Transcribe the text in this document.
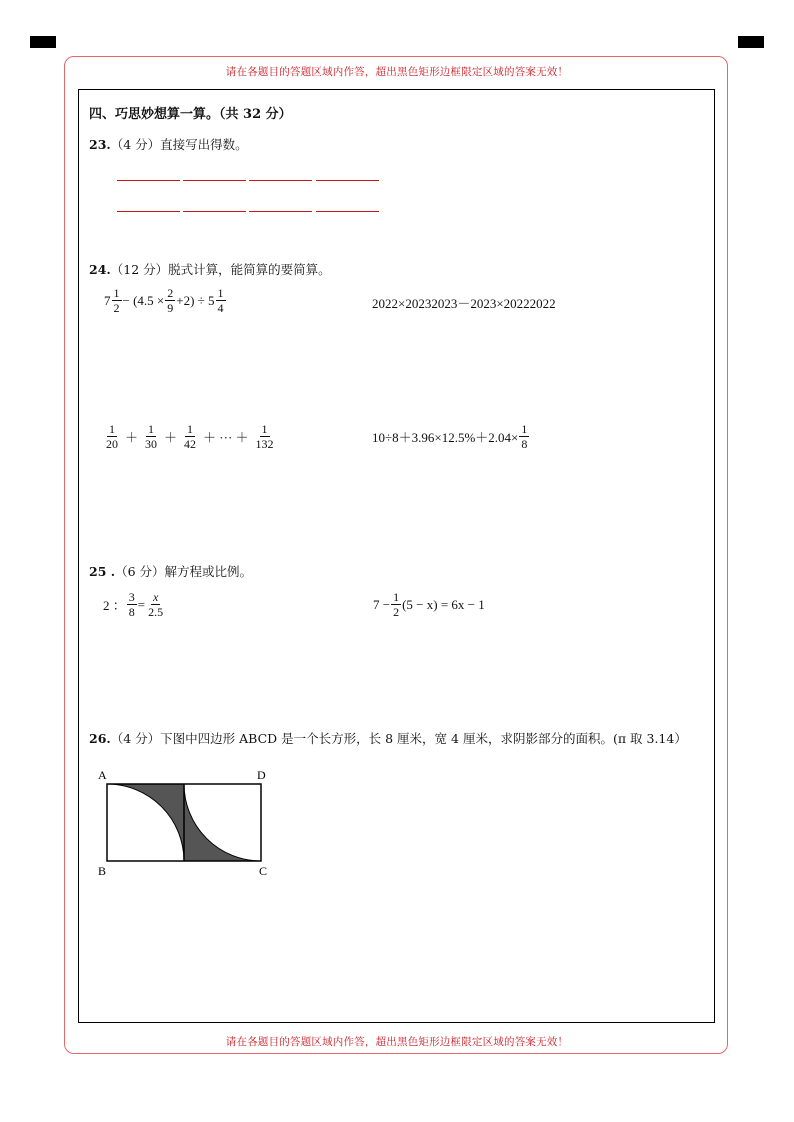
请在各题目的答题区域内作答，超出黑色矩形边框限定区域的答案无效！
请在各题目的答题区域内作答，超出黑色矩形边框限定区域的答案无效！
四、巧思妙想算一算。（共 32 分）
23.（4 分）直接写出得数。
24.（12 分）脱式计算，能简算的要简算。
$7 \frac{1}{2} - (4.5 \times \frac{2}{9} +2) \div 5 \frac{1}{4}$	2022×20232023－2023×20222022
$\frac{1}{20} + \frac{1}{30} + \frac{1}{42}$ ＋ ··· ＋ $\frac{1}{132}$	$10\div 8+3.96\times 12.5\%+2.04\times \frac{1}{8}$
25 .（6 分）解方程或比例。
2 ： $\frac{3}{8} = \frac{x}{2.5}$	$7 - \frac{1}{2} (5 - x) = 6x - 1$
26.（4 分）下图中四边形 ABCD 是一个长方形，长 8 厘米，宽 4 厘米，求阴影部分的面积。(π 取 3.14）
A	D
B	C
